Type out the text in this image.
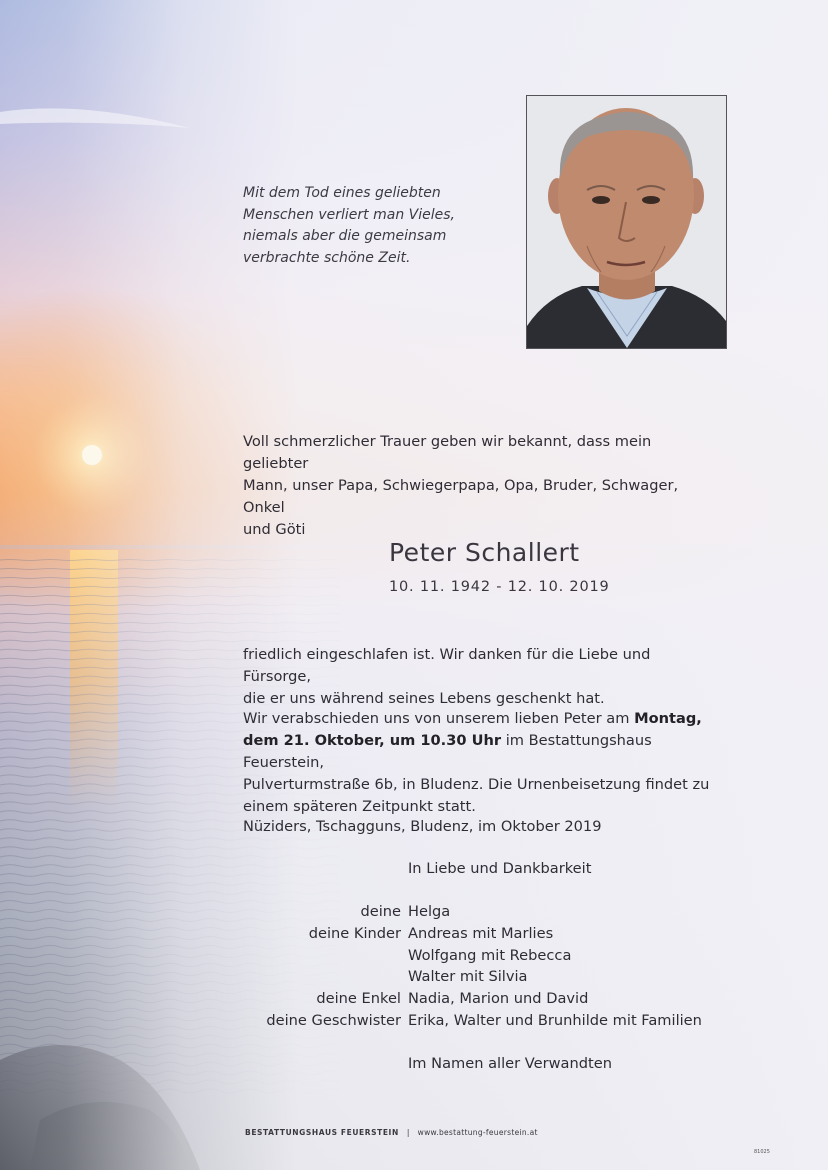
Mit dem Tod eines geliebten
Menschen verliert man Vieles,
niemals aber die gemeinsam
verbrachte schöne Zeit.
Voll schmerzlicher Trauer geben wir bekannt, dass mein geliebter
Mann, unser Papa, Schwiegerpapa, Opa, Bruder, Schwager, Onkel
und Göti
Peter Schallert
10. 11. 1942 - 12. 10. 2019
friedlich eingeschlafen ist. Wir danken für die Liebe und Fürsorge,
die er uns während seines Lebens geschenkt hat.
Wir verabschieden uns von unserem lieben Peter am Montag,
dem 21. Oktober, um 10.30 Uhr im Bestattungshaus Feuerstein,
Pulverturmstraße 6b, in Bludenz. Die Urnenbeisetzung findet zu
einem späteren Zeitpunkt statt.
Nüziders, Tschagguns, Bludenz, im Oktober 2019
In Liebe und Dankbarkeit
deine Helga
deine Kinder Andreas mit Marlies
Wolfgang mit Rebecca
Walter mit Silvia
deine Enkel Nadia, Marion und David
deine Geschwister Erika, Walter und Brunhilde mit Familien
Im Namen aller Verwandten
BESTATTUNGSHAUS FEUERSTEIN | www.bestattung-feuerstein.at
81025
